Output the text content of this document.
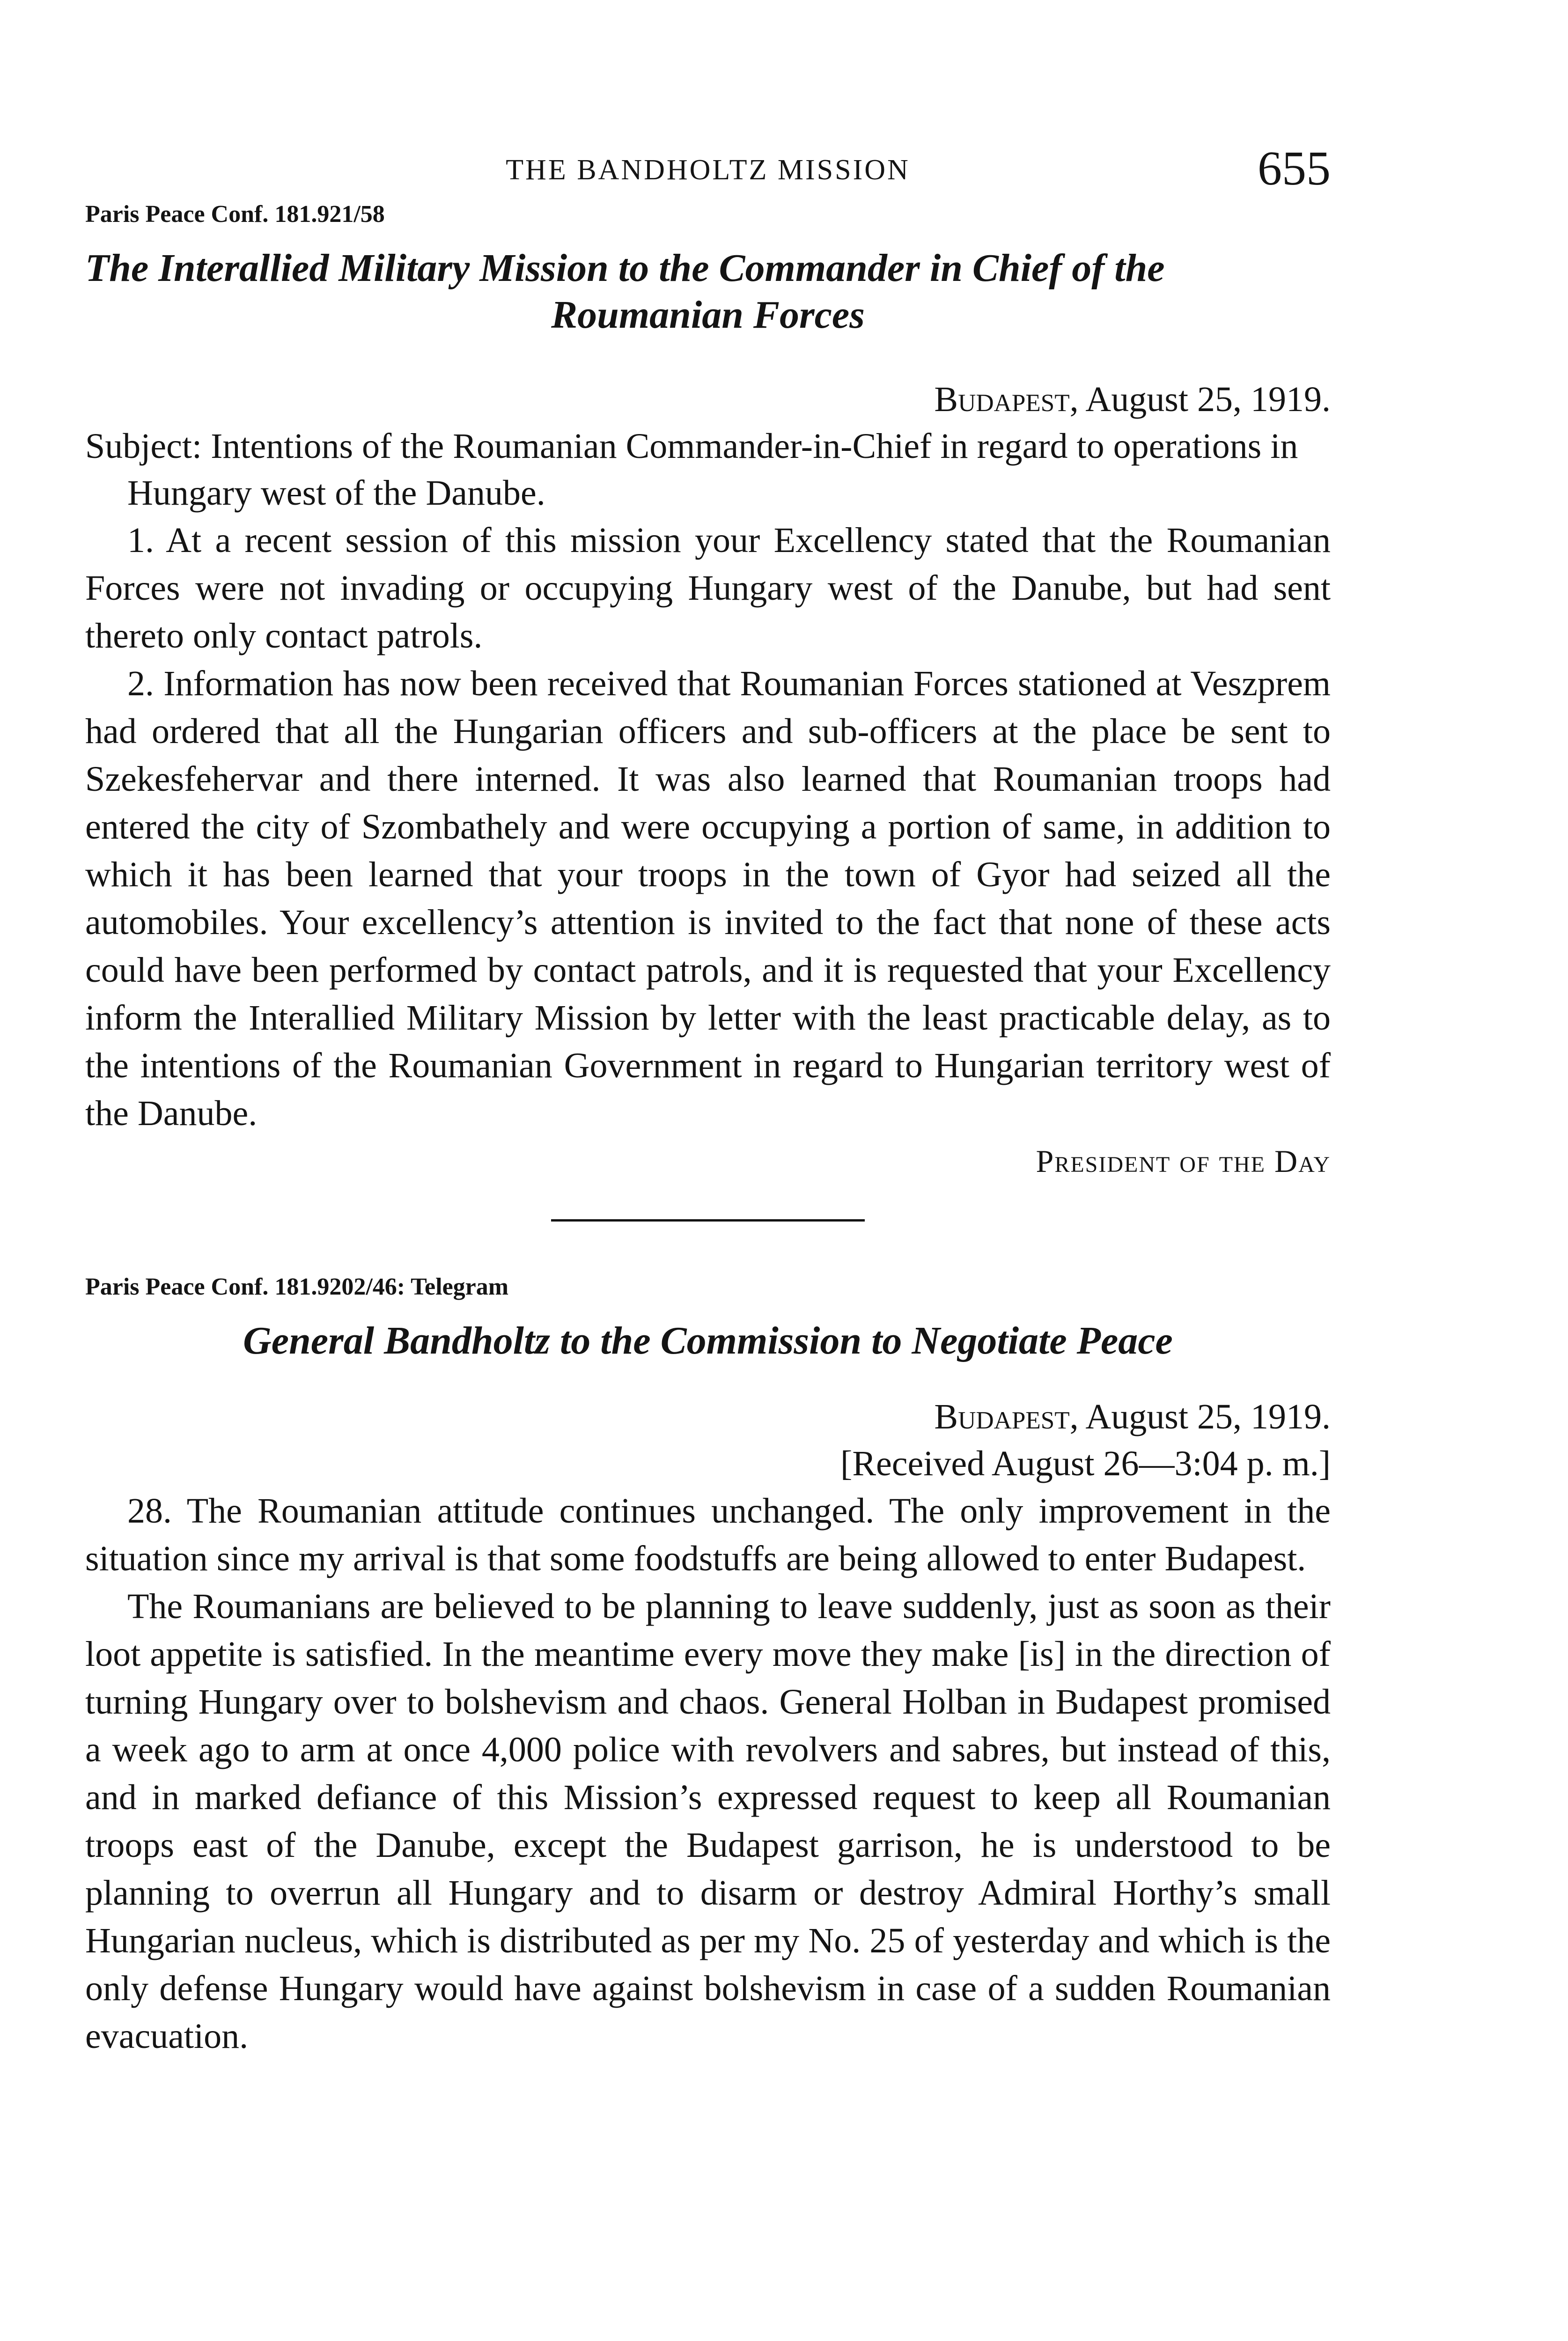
THE BANDHOLTZ MISSION	655
Paris Peace Conf. 181.921/58
The Interallied Military Mission to the Commander in Chief of the
Roumanian Forces
Budapest, August 25, 1919.

Subject: Intentions of the Roumanian Commander-in-Chief in regard to operations in Hungary west of the Danube.

1. At a recent session of this mission your Excellency stated that the Roumanian Forces were not invading or occupying Hungary west of the Danube, but had sent thereto only contact patrols.

2. Information has now been received that Roumanian Forces stationed at Veszprem had ordered that all the Hungarian officers and sub-officers at the place be sent to Szekesfehervar and there interned. It was also learned that Roumanian troops had entered the city of Szombathely and were occupying a portion of same, in addition to which it has been learned that your troops in the town of Gyor had seized all the automobiles. Your excellency’s attention is invited to the fact that none of these acts could have been performed by contact patrols, and it is requested that your Excellency inform the Interallied Military Mission by letter with the least practicable delay, as to the intentions of the Roumanian Government in regard to Hungarian territory west of the Danube.

President of the Day
Paris Peace Conf. 181.9202/46: Telegram
General Bandholtz to the Commission to Negotiate Peace
Budapest, August 25, 1919.
[Received August 26—3:04 p. m.]

28. The Roumanian attitude continues unchanged. The only improvement in the situation since my arrival is that some foodstuffs are being allowed to enter Budapest.

The Roumanians are believed to be planning to leave suddenly, just as soon as their loot appetite is satisfied. In the meantime every move they make [is] in the direction of turning Hungary over to bolshevism and chaos. General Holban in Budapest promised a week ago to arm at once 4,000 police with revolvers and sabres, but instead of this, and in marked defiance of this Mission’s expressed request to keep all Roumanian troops east of the Danube, except the Budapest garrison, he is understood to be planning to overrun all Hungary and to disarm or destroy Admiral Horthy’s small Hungarian nucleus, which is distributed as per my No. 25 of yesterday and which is the only defense Hungary would have against bolshevism in case of a sudden Roumanian evacuation.
